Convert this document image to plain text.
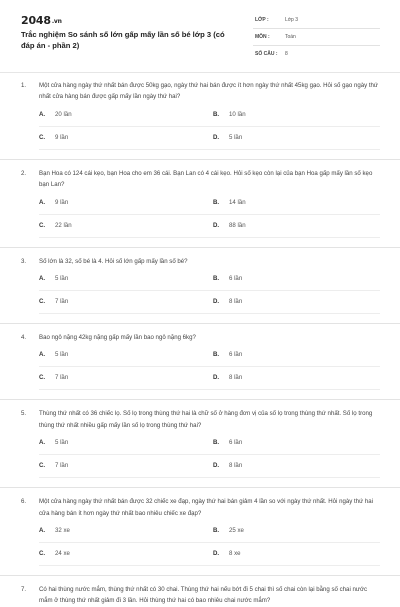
2048.vn
Trắc nghiệm So sánh số lớn gấp mấy lần số bé lớp 3 (có đáp án - phần 2)
LỚP :	Lớp 3
MÔN :	Toán
SỐ CÂU : 8
1. Một cửa hàng ngày thứ nhất bán được 50kg gạo, ngày thứ hai bán được ít hơn ngày thứ nhất 45kg gạo. Hỏi số gạo ngày thứ nhất cửa hàng bán được gấp mấy lần ngày thứ hai?
A. 20 lần	B. 10 lần
C. 9 lần	D. 5 lần
2. Bạn Hoa có 124 cái kẹo, bạn Hoa cho em 36 cái. Bạn Lan có 4 cái kẹo. Hỏi số kẹo còn lại của bạn Hoa gấp mấy lần số kẹo bạn Lan?
A. 9 lần	B. 14 lần
C. 22 lần	D. 88 lần
3. Số lớn là 32, số bé là 4. Hỏi số lớn gấp mấy lần số bé?
A. 5 lần	B. 6 lần
C. 7 lần	D. 8 lần
4. Bao ngô nặng 42kg nặng gấp mấy lần bao ngô nặng 6kg?
A. 5 lần	B. 6 lần
C. 7 lần	D. 8 lần
5. Thùng thứ nhất có 36 chiếc lọ. Số lọ trong thùng thứ hai là chữ số ở hàng đơn vị của số lọ trong thùng thứ nhất. Số lọ trong thùng thứ nhất nhiều gấp mấy lần số lọ trong thùng thứ hai?
A. 5 lần	B. 6 lần
C. 7 lần	D. 8 lần
6. Một cửa hàng ngày thứ nhất bán được 32 chiếc xe đạp, ngày thứ hai bán giảm 4 lần so với ngày thứ nhất. Hỏi ngày thứ hai cửa hàng bán ít hơn ngày thứ nhất bao nhiêu chiếc xe đạp?
A. 32 xe	B. 25 xe
C. 24 xe	D. 8 xe
7. Có hai thùng nước mắm, thùng thứ nhất có 30 chai. Thùng thứ hai nếu bớt đi 5 chai thì số chai còn lại bằng số chai nước mắm ở thùng thứ nhất giảm đi 3 lần. Hỏi thùng thứ hai có bao nhiêu chai nước mắm?
